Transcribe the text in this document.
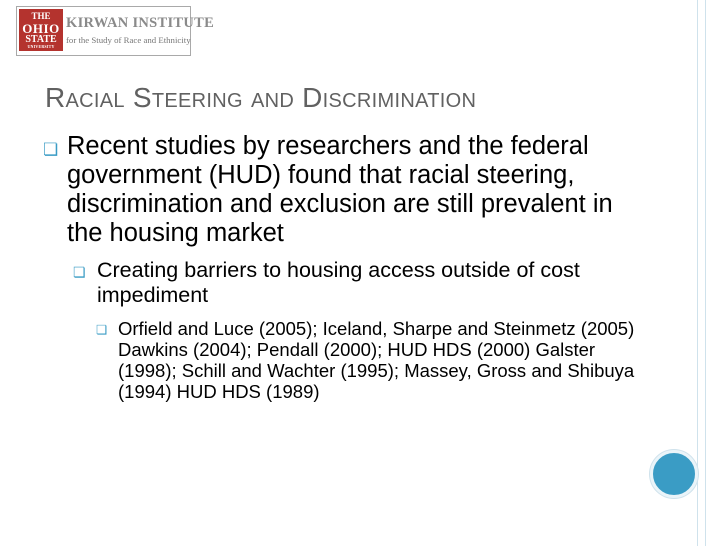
THE
OHIO
STATE
UNIVERSITY
KIRWAN INSTITUTE
for the Study of Race and Ethnicity
Racial Steering and Discrimination
❏ Recent studies by researchers and the federal government (HUD) found that racial steering, discrimination and exclusion are still prevalent in the housing market
❏ Creating barriers to housing access outside of cost impediment
❏ Orfield and Luce (2005); Iceland, Sharpe and Steinmetz (2005) Dawkins (2004); Pendall (2000); HUD HDS (2000) Galster (1998); Schill and Wachter (1995); Massey, Gross and Shibuya (1994) HUD HDS (1989)
